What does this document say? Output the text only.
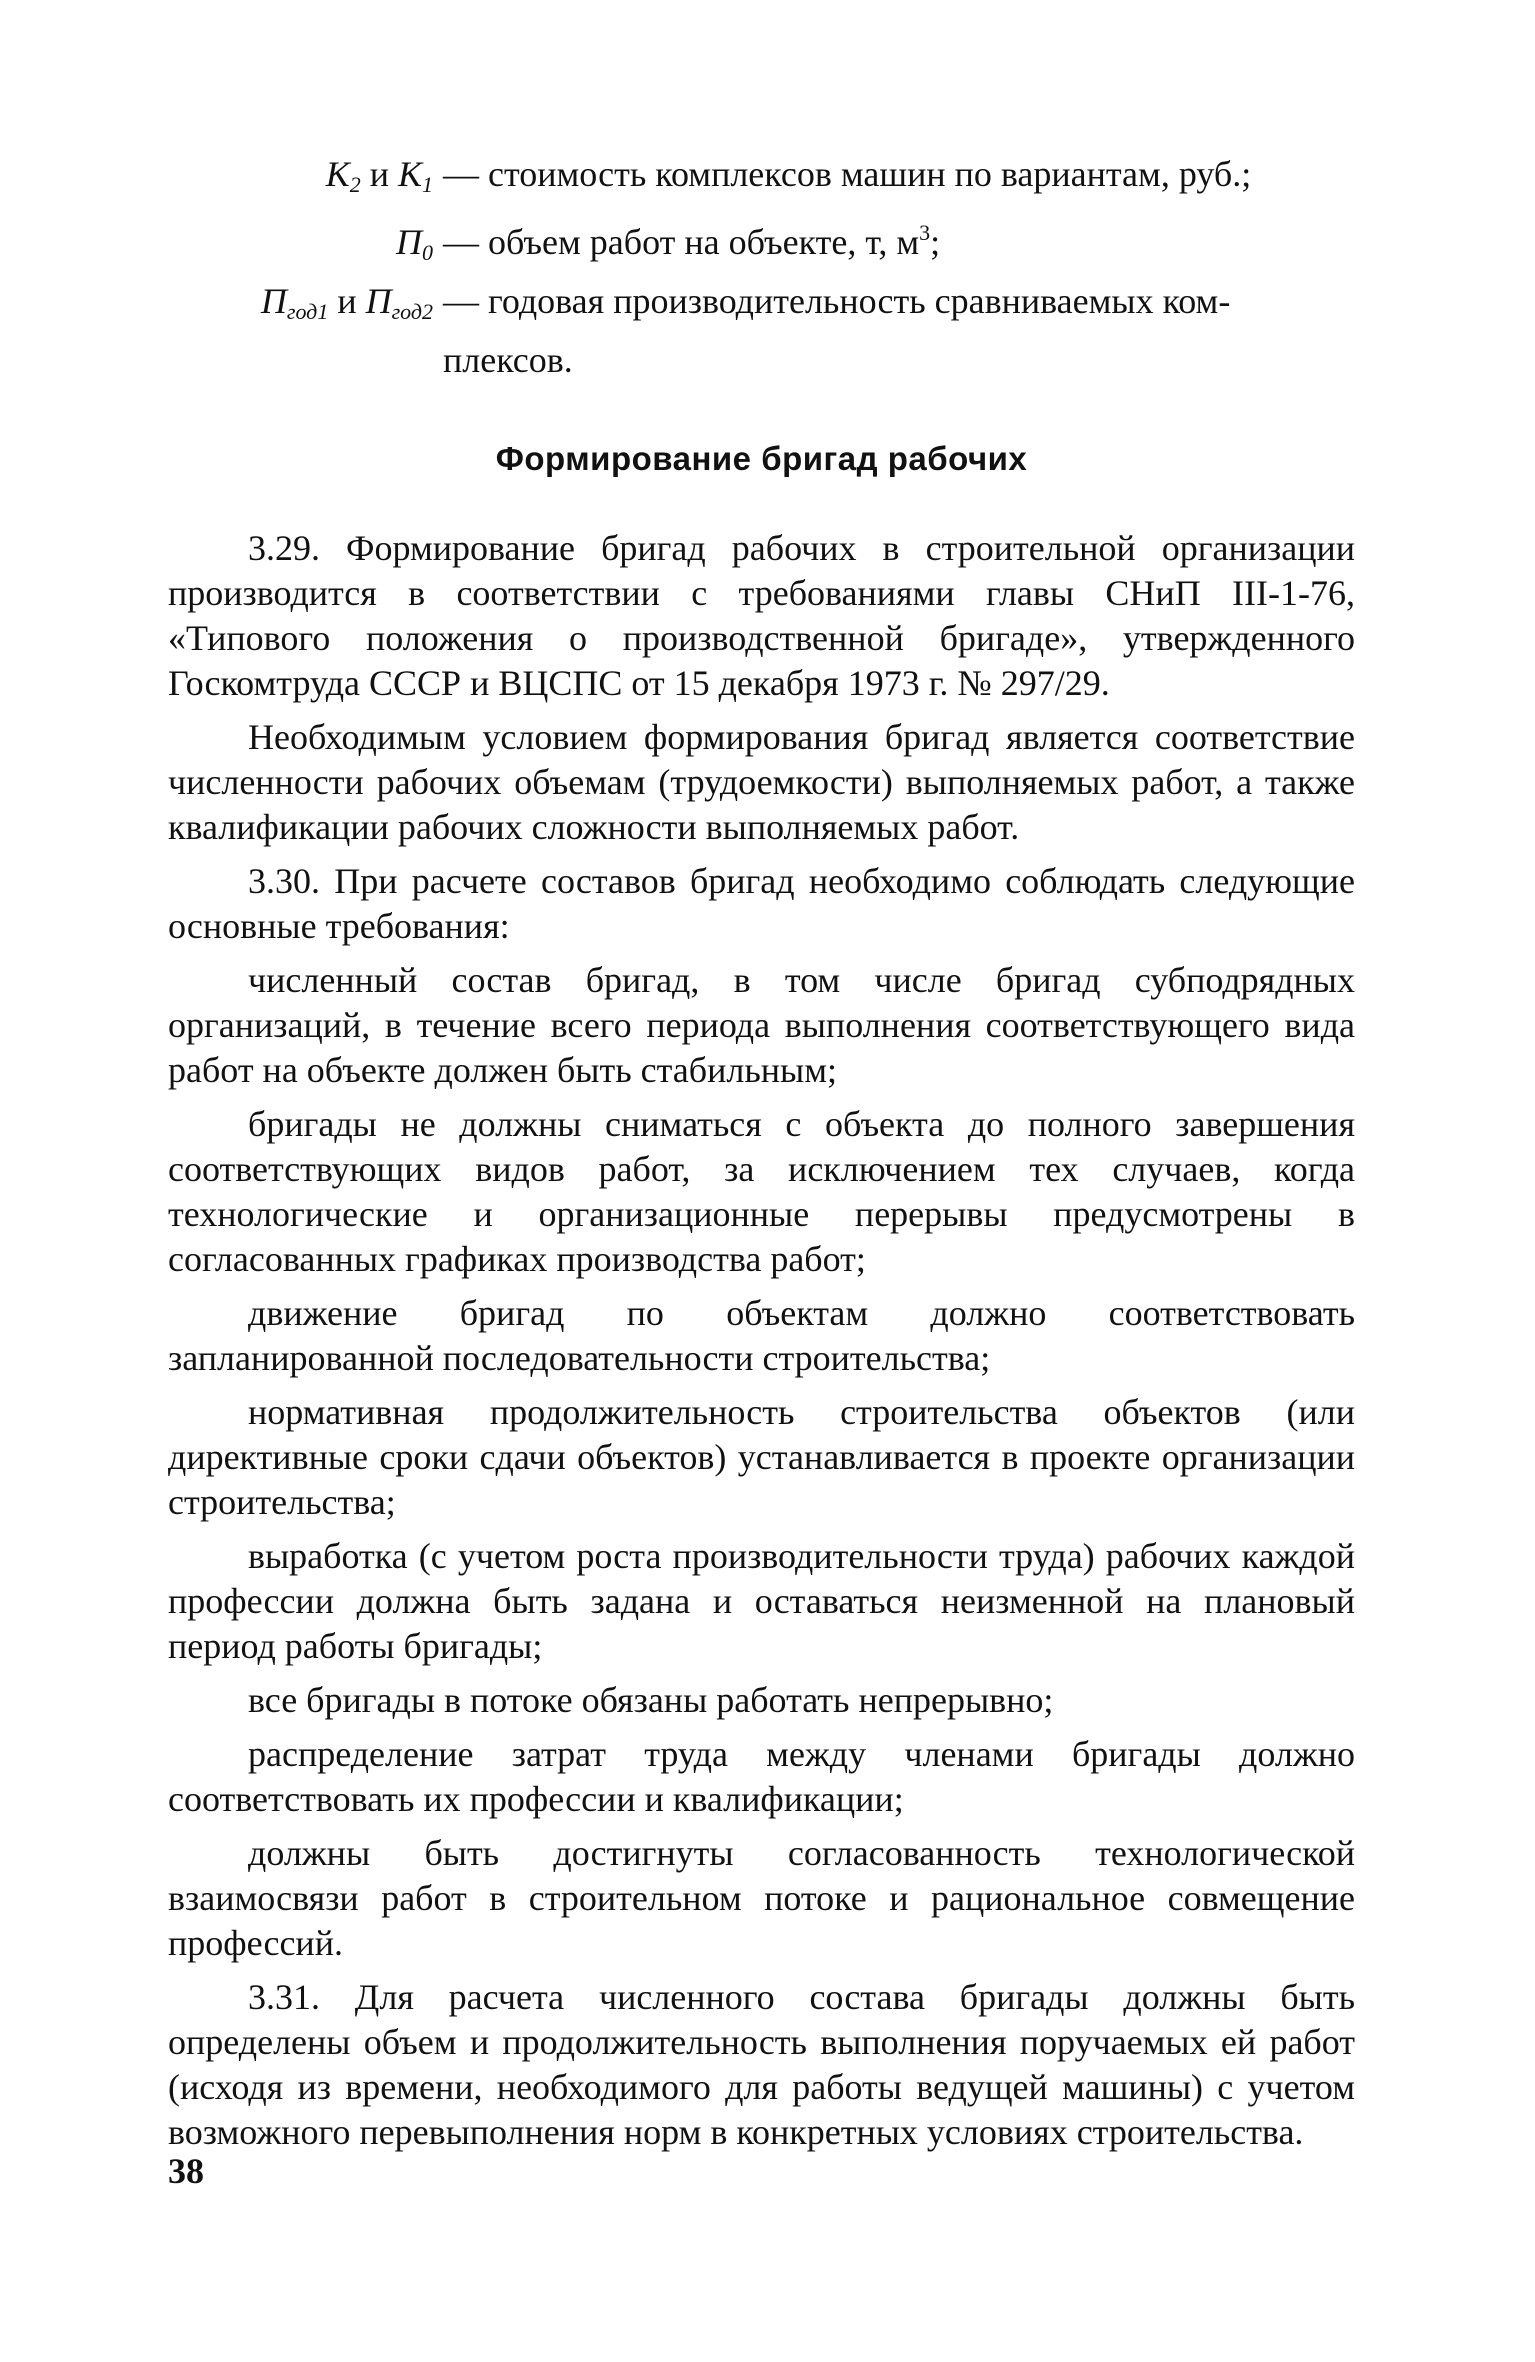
$K_2$ и $K_1$ — стоимость комплексов машин по вариантам, руб.;
$П_0$ — объем работ на объекте, т, $м^3$;
$П_{год1}$ и $П_{год2}$ — годовая производительность сравниваемых ком-
плексов.
Формирование бригад рабочих

3.29. Формирование бригад рабочих в строительной организации производится в соответствии с требованиями главы СНиП III-1-76, «Типового положения о производственной бригаде», утвержденного Госкомтруда СССР и ВЦСПС от 15 декабря 1973 г. № 297/29.

Необходимым условием формирования бригад является соответствие численности рабочих объемам (трудоемкости) выполняемых работ, а также квалификации рабочих сложности выполняемых работ.

3.30. При расчете составов бригад необходимо соблюдать следующие основные требования:

численный состав бригад, в том числе бригад субподрядных организаций, в течение всего периода выполнения соответствующего вида работ на объекте должен быть стабильным;

бригады не должны сниматься с объекта до полного завершения соответствующих видов работ, за исключением тех случаев, когда технологические и организационные перерывы предусмотрены в согласованных графиках производства работ;

движение бригад по объектам должно соответствовать запланированной последовательности строительства;

нормативная продолжительность строительства объектов (или директивные сроки сдачи объектов) устанавливается в проекте организации строительства;

выработка (с учетом роста производительности труда) рабочих каждой профессии должна быть задана и оставаться неизменной на плановый период работы бригады;

все бригады в потоке обязаны работать непрерывно;

распределение затрат труда между членами бригады должно соответствовать их профессии и квалификации;

должны быть достигнуты согласованность технологической взаимосвязи работ в строительном потоке и рациональное совмещение профессий.

3.31. Для расчета численного состава бригады должны быть определены объем и продолжительность выполнения поручаемых ей работ (исходя из времени, необходимого для работы ведущей машины) с учетом возможного перевыполнения норм в конкретных условиях строительства.

38
